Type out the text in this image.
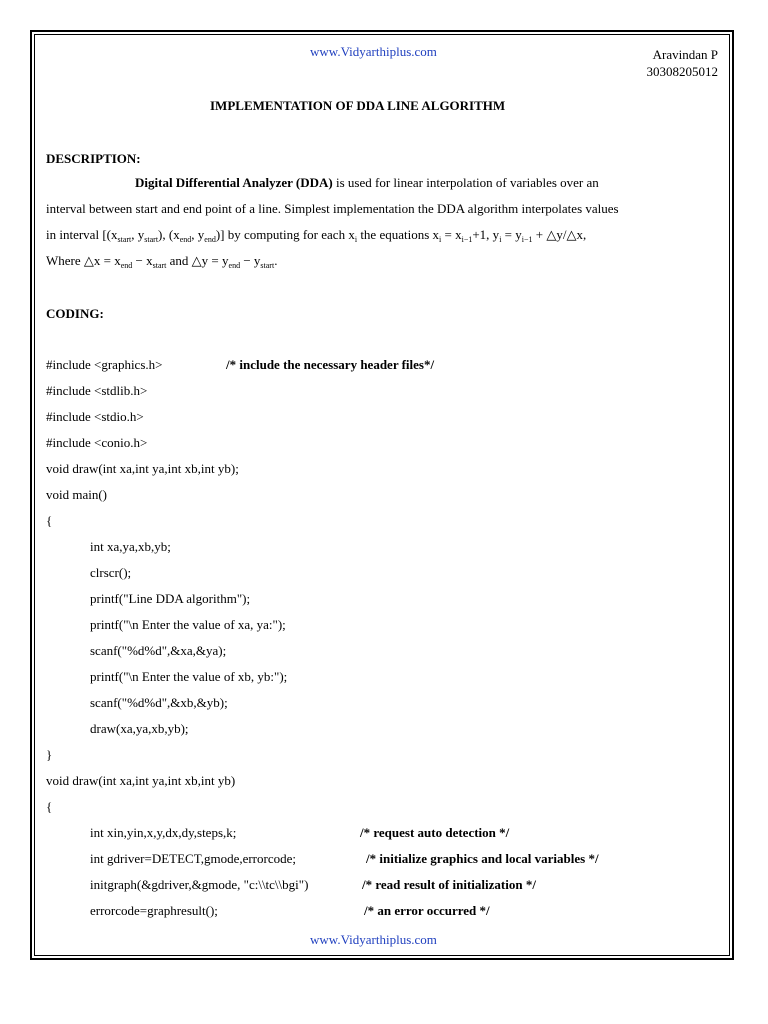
www.Vidyarthiplus.com	Aravindan P
30308205012
IMPLEMENTATION OF DDA LINE ALGORITHM
DESCRIPTION:
Digital Differential Analyzer (DDA) is used for linear interpolation of variables over an
interval between start and end point of a line. Simplest implementation the DDA algorithm interpolates values
in interval [($x_{start}$, $y_{start}$), ($x_{end}$, $y_{end}$)] by computing for each $x_i$ the equations $x_i = x_{i-1}+1$, $y_i = y_{i-1}$ + △y/△x,
Where △x = $x_{end} - x_{start}$ and △y = $y_{end} - y_{start}$.
CODING:
#include <graphics.h>	/* include the necessary header files*/
#include <stdlib.h>
#include <stdio.h>
#include <conio.h>
void draw(int xa,int ya,int xb,int yb);
void main()
{
int xa,ya,xb,yb;
clrscr();
printf("Line DDA algorithm");
printf("\n Enter the value of xa, ya:");
scanf("%d%d",&xa,&ya);
printf("\n Enter the value of xb, yb:");
scanf("%d%d",&xb,&yb);
draw(xa,ya,xb,yb);
}
void draw(int xa,int ya,int xb,int yb)
{
int xin,yin,x,y,dx,dy,steps,k;	/* request auto detection */
int gdriver=DETECT,gmode,errorcode;	/* initialize graphics and local variables */
initgraph(&gdriver,&gmode, "c:\\tc\\bgi")	/* read result of initialization */
errorcode=graphresult();	/* an error occurred */
www.Vidyarthiplus.com
